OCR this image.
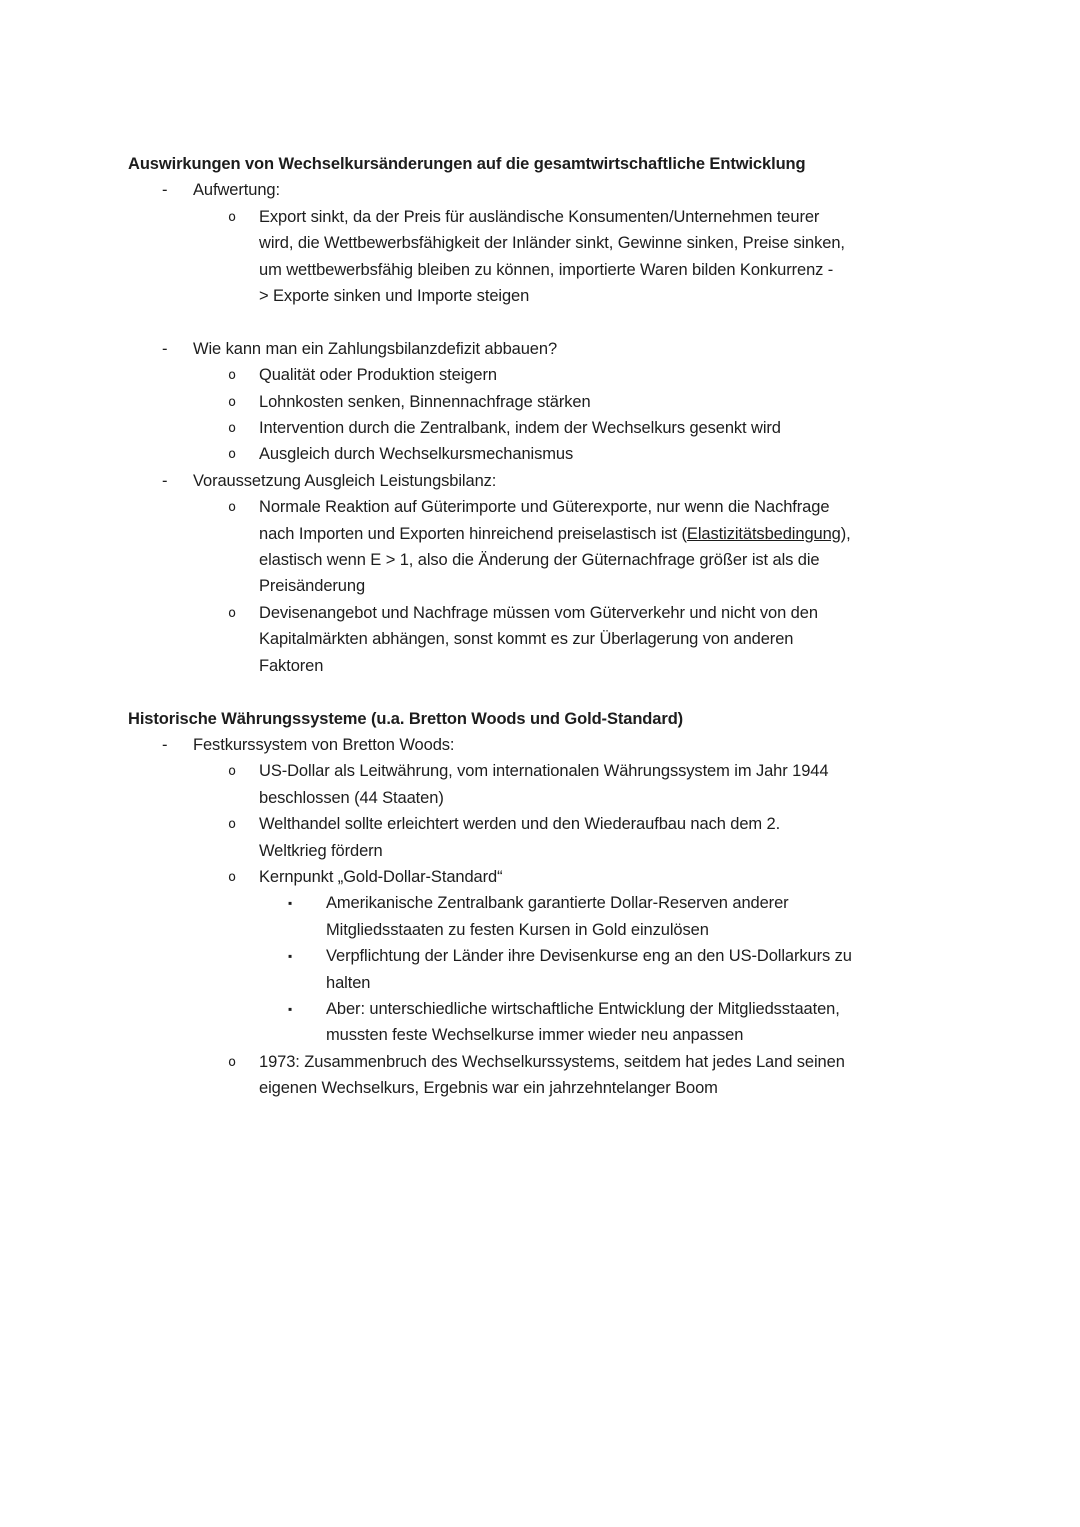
Auswirkungen von Wechselkursänderungen auf die gesamtwirtschaftliche Entwicklung
- Aufwertung:
o Export sinkt, da der Preis für ausländische Konsumenten/Unternehmen teurer
wird, die Wettbewerbsfähigkeit der Inländer sinkt, Gewinne sinken, Preise sinken,
um wettbewerbsfähig bleiben zu können, importierte Waren bilden Konkurrenz -
> Exporte sinken und Importe steigen
- Wie kann man ein Zahlungsbilanzdefizit abbauen?
o Qualität oder Produktion steigern
o Lohnkosten senken, Binnennachfrage stärken
o Intervention durch die Zentralbank, indem der Wechselkurs gesenkt wird
o Ausgleich durch Wechselkursmechanismus
- Voraussetzung Ausgleich Leistungsbilanz:
o Normale Reaktion auf Güterimporte und Güterexporte, nur wenn die Nachfrage
nach Importen und Exporten hinreichend preiselastisch ist (Elastizitätsbedingung),
elastisch wenn E > 1, also die Änderung der Güternachfrage größer ist als die
Preisänderung
o Devisenangebot und Nachfrage müssen vom Güterverkehr und nicht von den
Kapitalmärkten abhängen, sonst kommt es zur Überlagerung von anderen
Faktoren
Historische Währungssysteme (u.a. Bretton Woods und Gold-Standard)
- Festkurssystem von Bretton Woods:
o US-Dollar als Leitwährung, vom internationalen Währungssystem im Jahr 1944
beschlossen (44 Staaten)
o Welthandel sollte erleichtert werden und den Wiederaufbau nach dem 2.
Weltkrieg fördern
o Kernpunkt „Gold-Dollar-Standard“
▪ Amerikanische Zentralbank garantierte Dollar-Reserven anderer
Mitgliedsstaaten zu festen Kursen in Gold einzulösen
▪ Verpflichtung der Länder ihre Devisenkurse eng an den US-Dollarkurs zu
halten
▪ Aber: unterschiedliche wirtschaftliche Entwicklung der Mitgliedsstaaten,
mussten feste Wechselkurse immer wieder neu anpassen
o 1973: Zusammenbruch des Wechselkurssystems, seitdem hat jedes Land seinen
eigenen Wechselkurs, Ergebnis war ein jahrzehntelanger Boom
